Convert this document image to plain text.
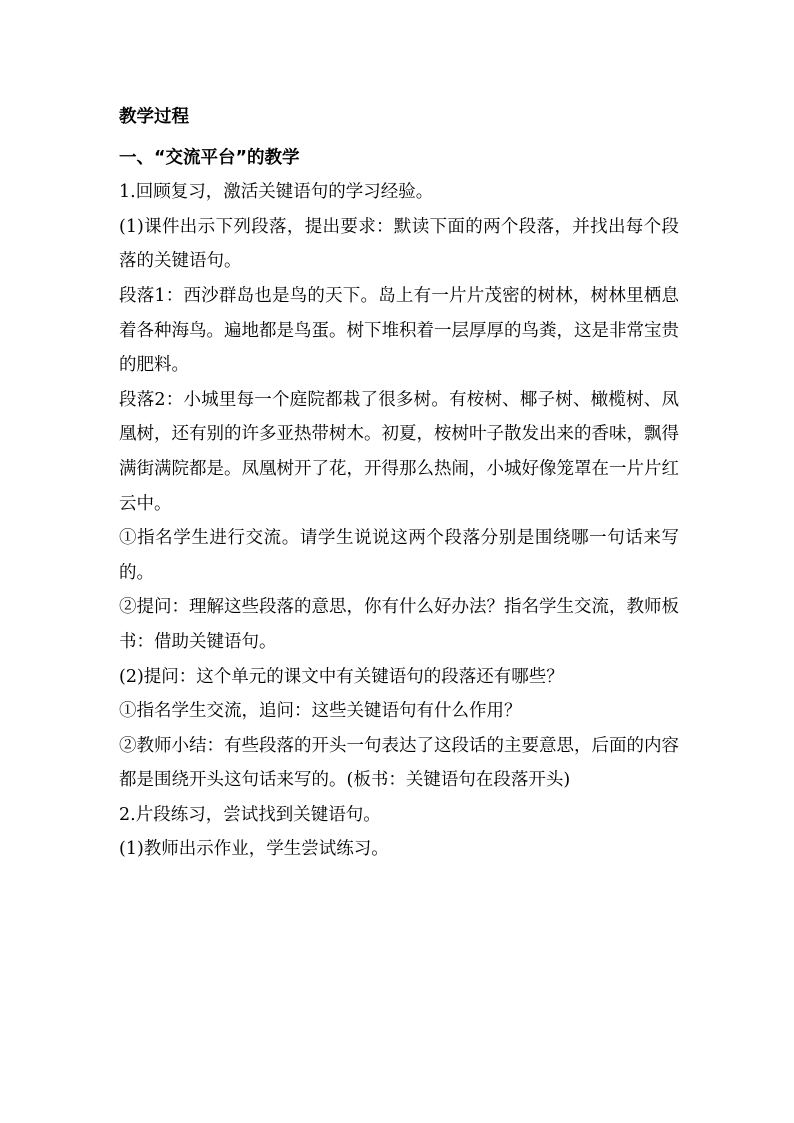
教学过程

一、“交流平台”的教学

1.回顾复习，激活关键语句的学习经验。

(1)课件出示下列段落，提出要求：默读下面的两个段落，并找出每个段落的关键语句。

段落1：西沙群岛也是鸟的天下。岛上有一片片茂密的树林，树林里栖息着各种海鸟。遍地都是鸟蛋。树下堆积着一层厚厚的鸟粪，这是非常宝贵的肥料。

段落2：小城里每一个庭院都栽了很多树。有桉树、椰子树、橄榄树、凤凰树，还有别的许多亚热带树木。初夏，桉树叶子散发出来的香味，飘得满街满院都是。凤凰树开了花，开得那么热闹，小城好像笼罩在一片片红云中。

①指名学生进行交流。请学生说说这两个段落分别是围绕哪一句话来写的。

②提问：理解这些段落的意思，你有什么好办法？指名学生交流，教师板书：借助关键语句。

(2)提问：这个单元的课文中有关键语句的段落还有哪些？

①指名学生交流，追问：这些关键语句有什么作用？

②教师小结：有些段落的开头一句表达了这段话的主要意思，后面的内容都是围绕开头这句话来写的。(板书：关键语句在段落开头)

2.片段练习，尝试找到关键语句。

(1)教师出示作业，学生尝试练习。
